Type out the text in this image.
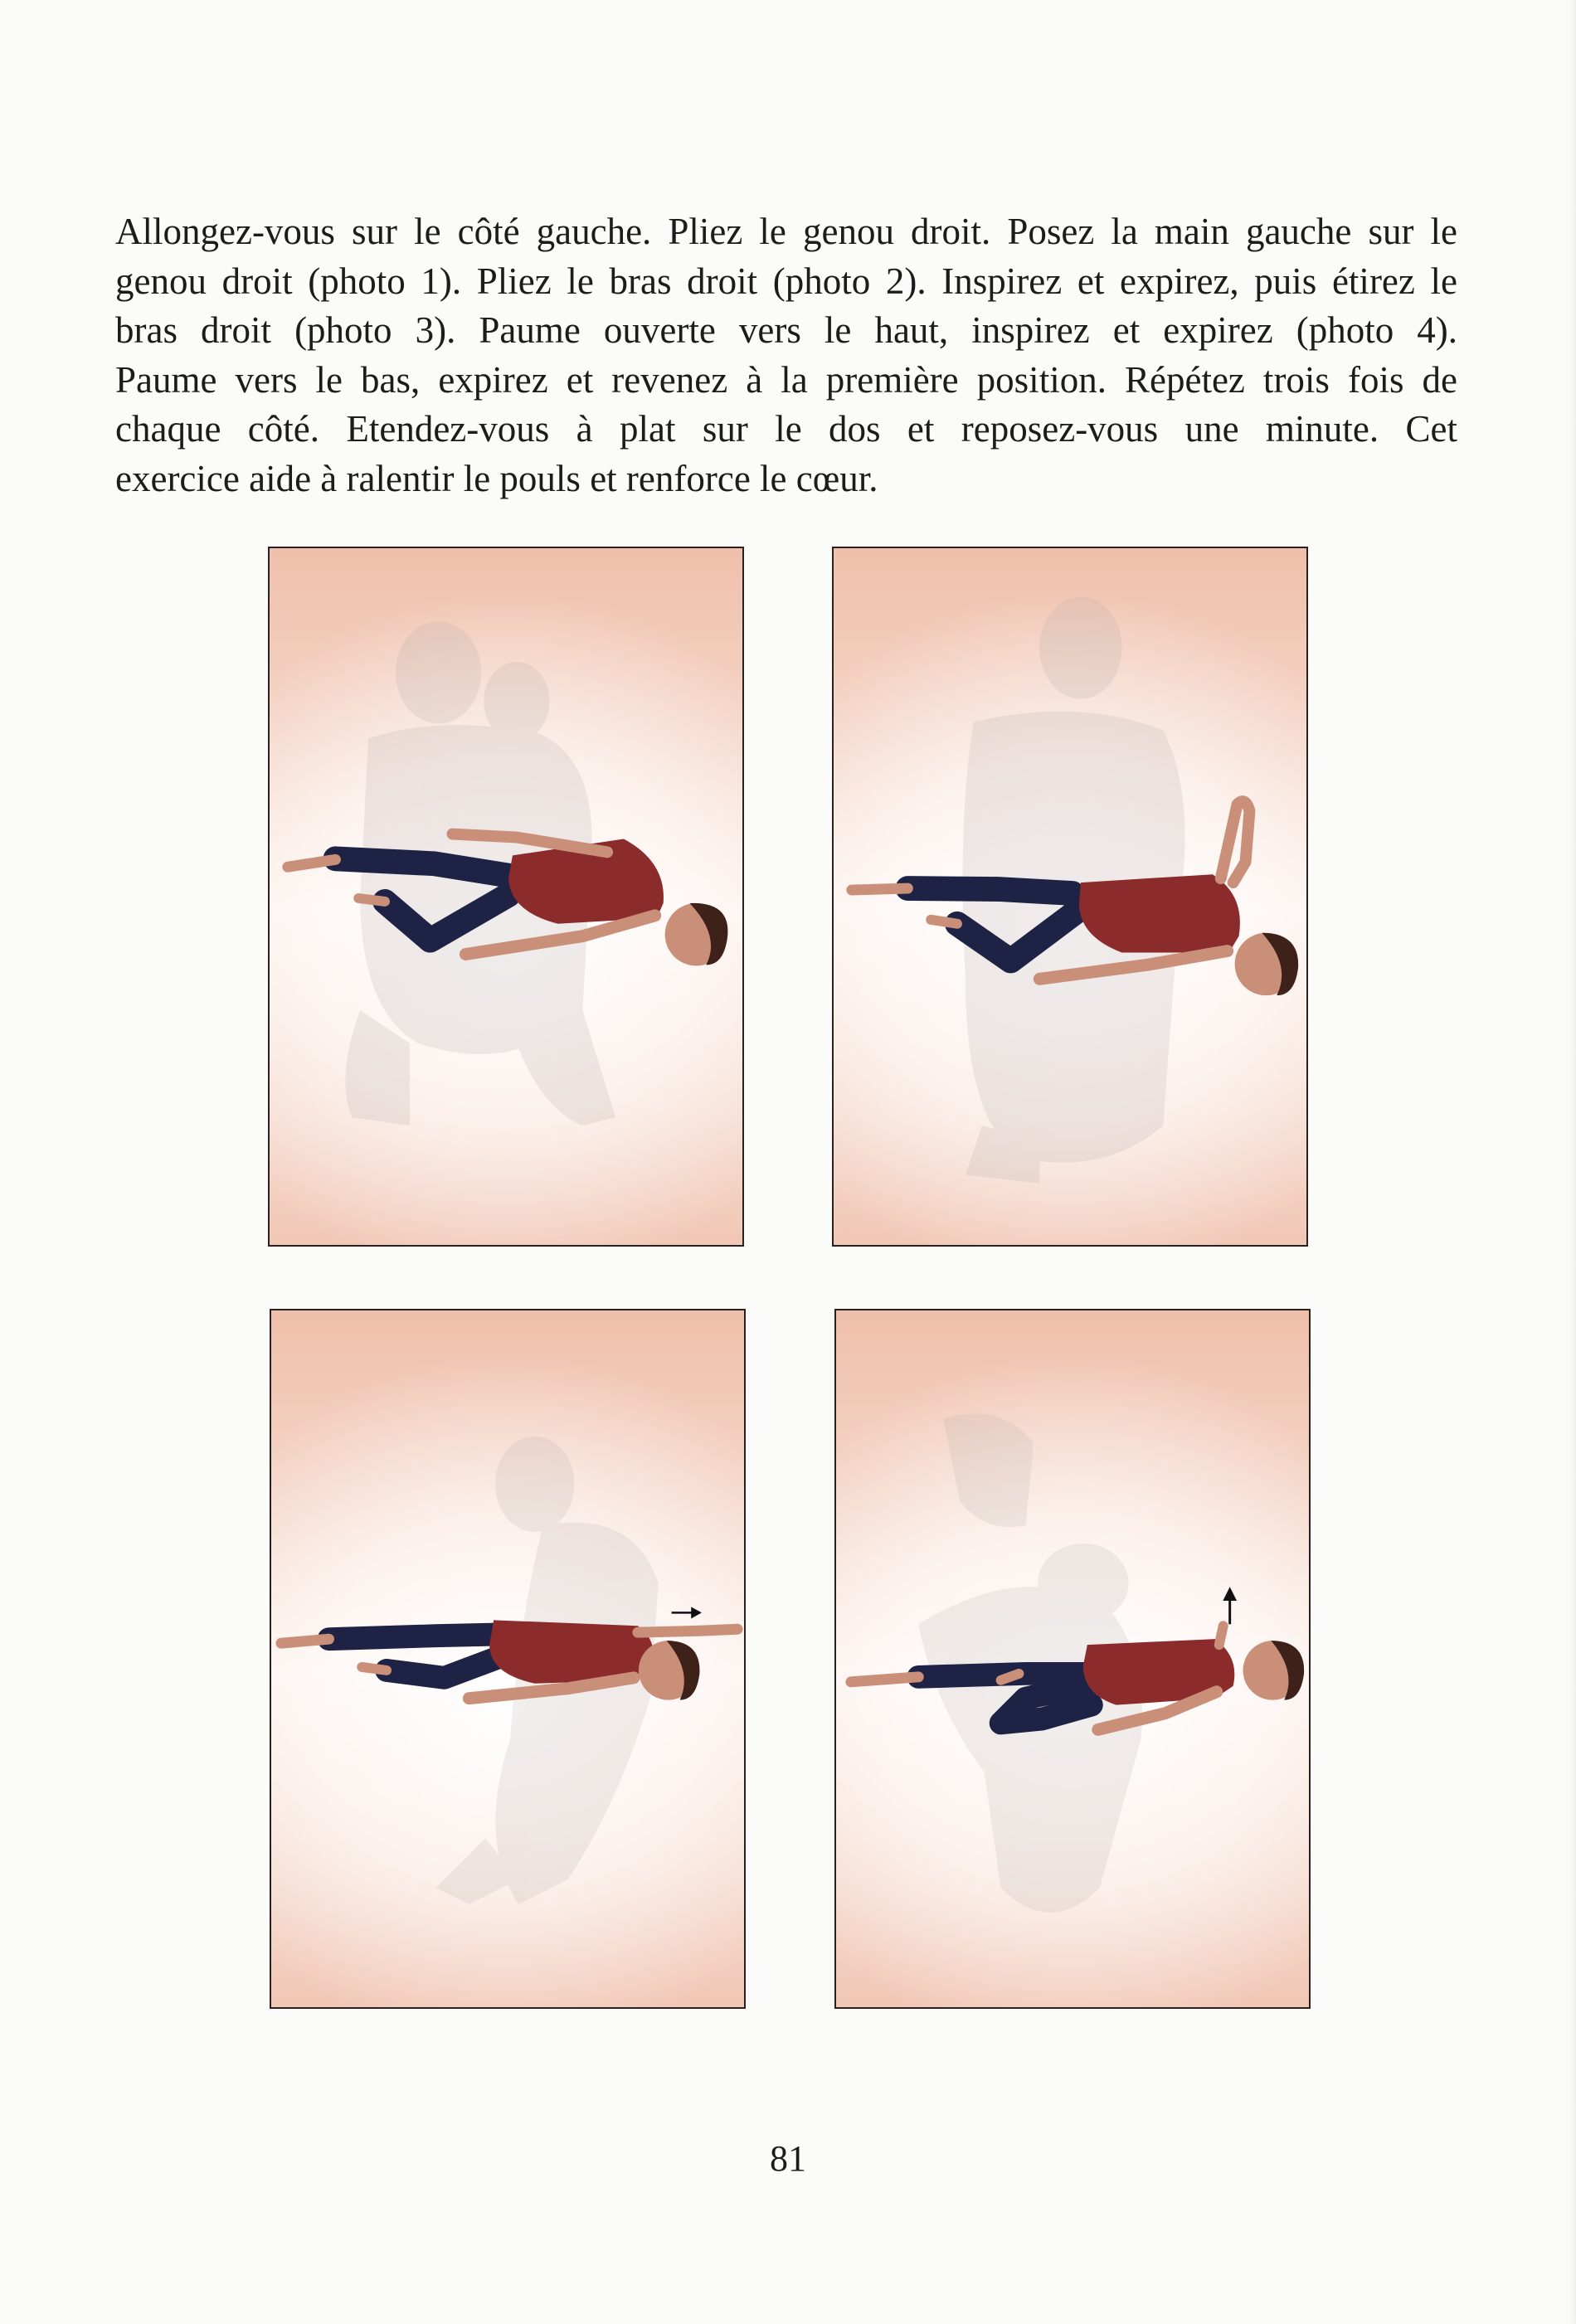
Allongez-vous sur le côté gauche. Pliez le genou droit. Posez la main gauche sur le
genou droit (photo 1). Pliez le bras droit (photo 2). Inspirez et expirez, puis étirez le
bras droit (photo 3). Paume ouverte vers le haut, inspirez et expirez (photo 4).
Paume vers le bas, expirez et revenez à la première position. Répétez trois fois de
chaque côté. Etendez-vous à plat sur le dos et reposez-vous une minute. Cet
exercice aide à ralentir le pouls et renforce le cœur.
81
